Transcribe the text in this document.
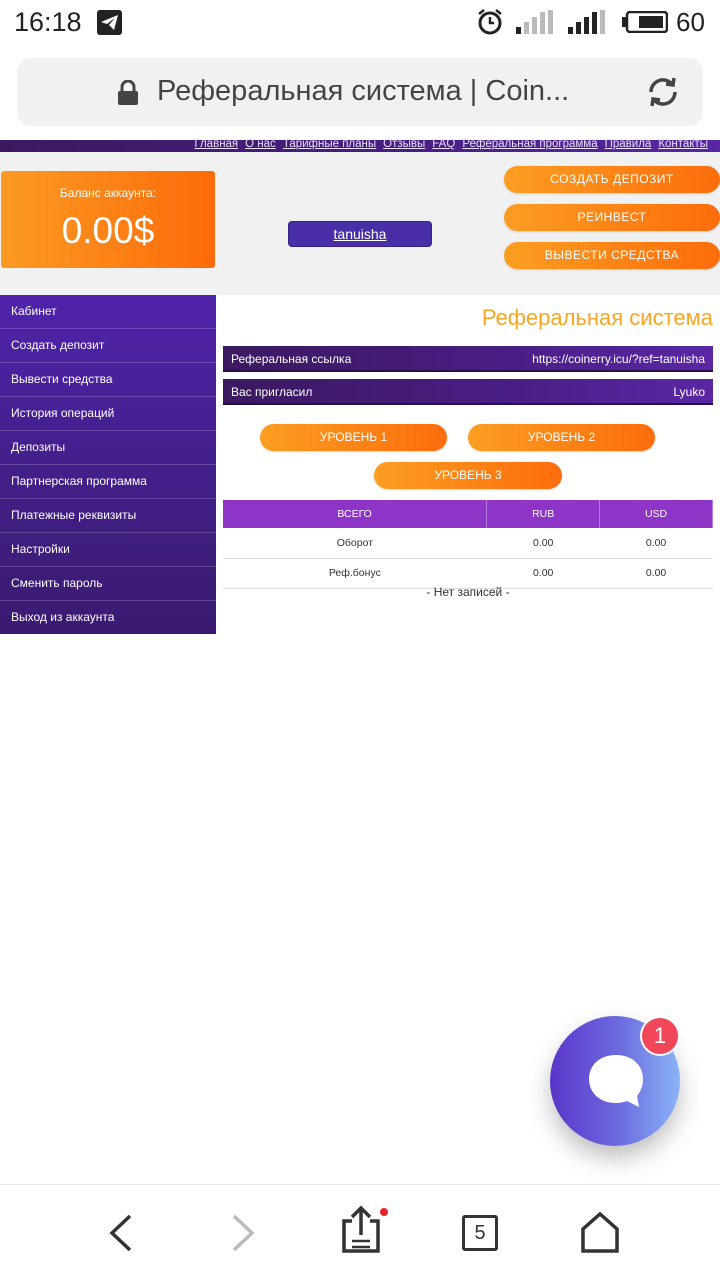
16:18	60
Реферальная система | Coin...
Главная О нас Тарифные планы Отзывы FAQ Реферальная программа Правила Контакты
Баланс аккаунта:
0.00$	tanuisha
СОЗДАТЬ ДЕПОЗИТ
РЕИНВЕСТ
ВЫВЕСТИ СРЕДСТВА
Кабинет
Создать депозит
Вывести средства
История операций
Депозиты
Партнерская программа
Платежные реквизиты
Настройки
Сменить пароль
Выход из аккаунта
Реферальная система
Реферальная ссылка	https://coinerry.icu/?ref=tanuisha
Вас пригласил	Lyuko
УРОВЕНЬ 1	УРОВЕНЬ 2
УРОВЕНЬ 3
ВСЕГО	RUB	USD
Оборот	0.00	0.00
Реф.бонус	0.00	0.00
- Нет записей -
1
5
